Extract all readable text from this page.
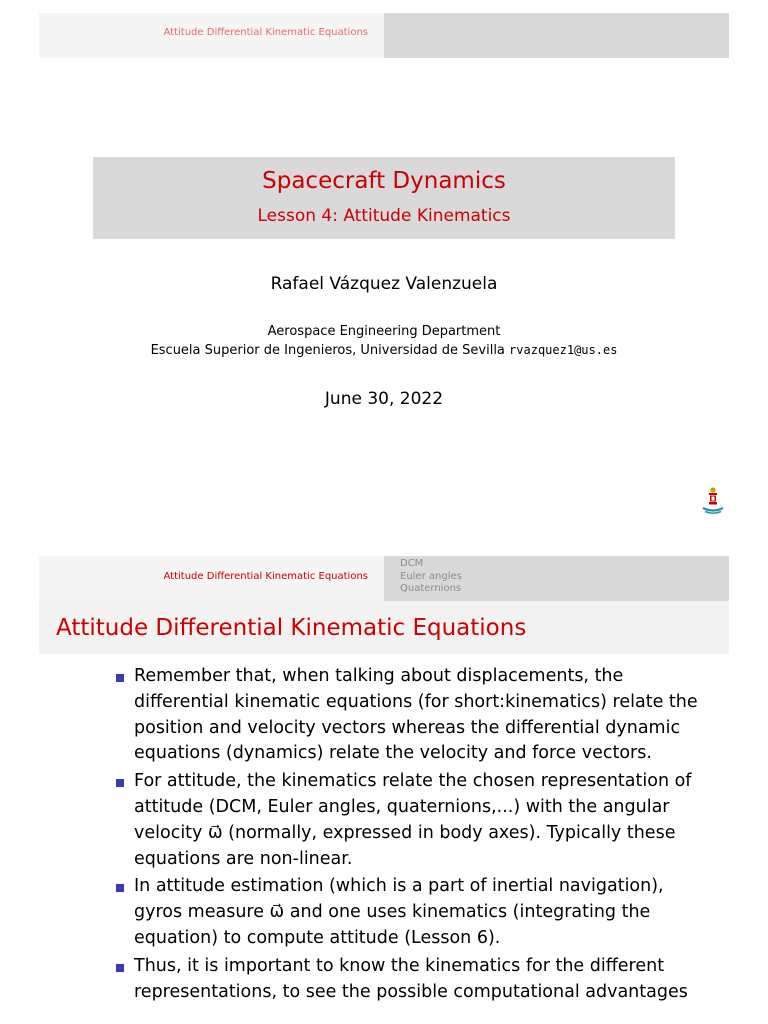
Attitude Differential Kinematic Equations
Spacecraft Dynamics
Lesson 4: Attitude Kinematics
Rafael Vázquez Valenzuela
Aerospace Engineering Department
Escuela Superior de Ingenieros, Universidad de Sevilla rvazquez1@us.es
June 30, 2022
Attitude Differential Kinematic Equations
DCM
Euler angles
Quaternions
Attitude Differential Kinematic Equations
Remember that, when talking about displacements, the differential kinematic equations (for short:kinematics) relate the position and velocity vectors whereas the differential dynamic equations (dynamics) relate the velocity and force vectors.
For attitude, the kinematics relate the chosen representation of attitude (DCM, Euler angles, quaternions,...) with the angular velocity ω⃗ (normally, expressed in body axes). Typically these equations are non-linear.
In attitude estimation (which is a part of inertial navigation), gyros measure ω⃗ and one uses kinematics (integrating the equation) to compute attitude (Lesson 6).
Thus, it is important to know the kinematics for the different representations, to see the possible computational advantages
